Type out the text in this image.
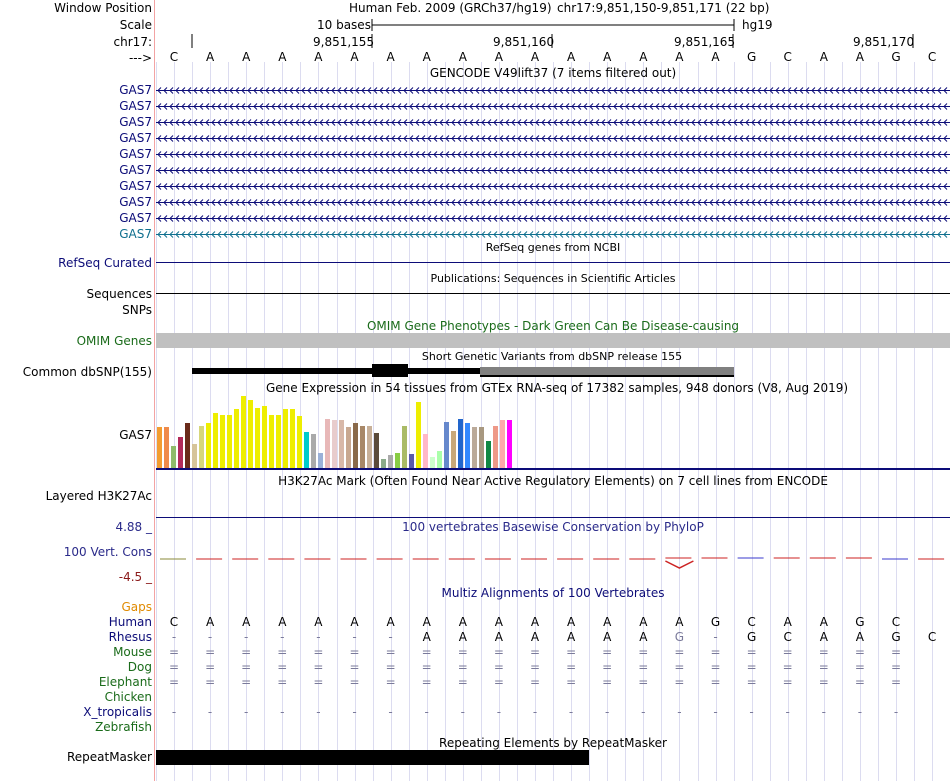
Window Position
Scale
chr17:
--->
Human Feb. 2009 (GRCh37/hg19) chr17:9,851,150-9,851,171 (22 bp)
10 bases	hg19
9,851,155	9,851,160	9,851,165	9,851,170
C	A	A	A	A	A	A	A	A	A	A	A	A	A	A	A	G	C	A	A	G	C
GENCODE V49lift37 (7 items filtered out)
GAS7
GAS7
GAS7
GAS7
GAS7
GAS7
GAS7
GAS7
GAS7
GAS7
RefSeq genes from NCBI
RefSeq Curated
Publications: Sequences in Scientific Articles
Sequences
SNPs
OMIM Gene Phenotypes - Dark Green Can Be Disease-causing
OMIM Genes
Short Genetic Variants from dbSNP release 155
Common dbSNP(155)
Gene Expression in 54 tissues from GTEx RNA-seq of 17382 samples, 948 donors (V8, Aug 2019)
GAS7
H3K27Ac Mark (Often Found Near Active Regulatory Elements) on 7 cell lines from ENCODE
Layered H3K27Ac
100 vertebrates Basewise Conservation by PhyloP
4.88 _
100 Vert. Cons
-4.5 _
Multiz Alignments of 100 Vertebrates
Gaps
Human	C	A	A	A	A	A	A	A	A	A	A	A	A	A	A	G	C	A	A	G	C
Rhesus	-	-	-	-	-	-	-	A	A	A	A	A	A	A	G	-	G	C	A	A	G	C
Mouse	=	=	=	=	=	=	=	=	=	=	=	=	=	=	=	=	=	=	=	=	=
Dog	=	=	=	=	=	=	=	=	=	=	=	=	=	=	=	=	=	=	=	=	=
Elephant	=	=	=	=	=	=	=	=	=	=	=	=	=	=	=	=	=	=	=	=	=
Chicken
X_tropicalis	-	-	-	-	-	-	-	-	-	-	-	-	-	-	-	-	-	-	-	-	-
Zebrafish
Repeating Elements by RepeatMasker
RepeatMasker
